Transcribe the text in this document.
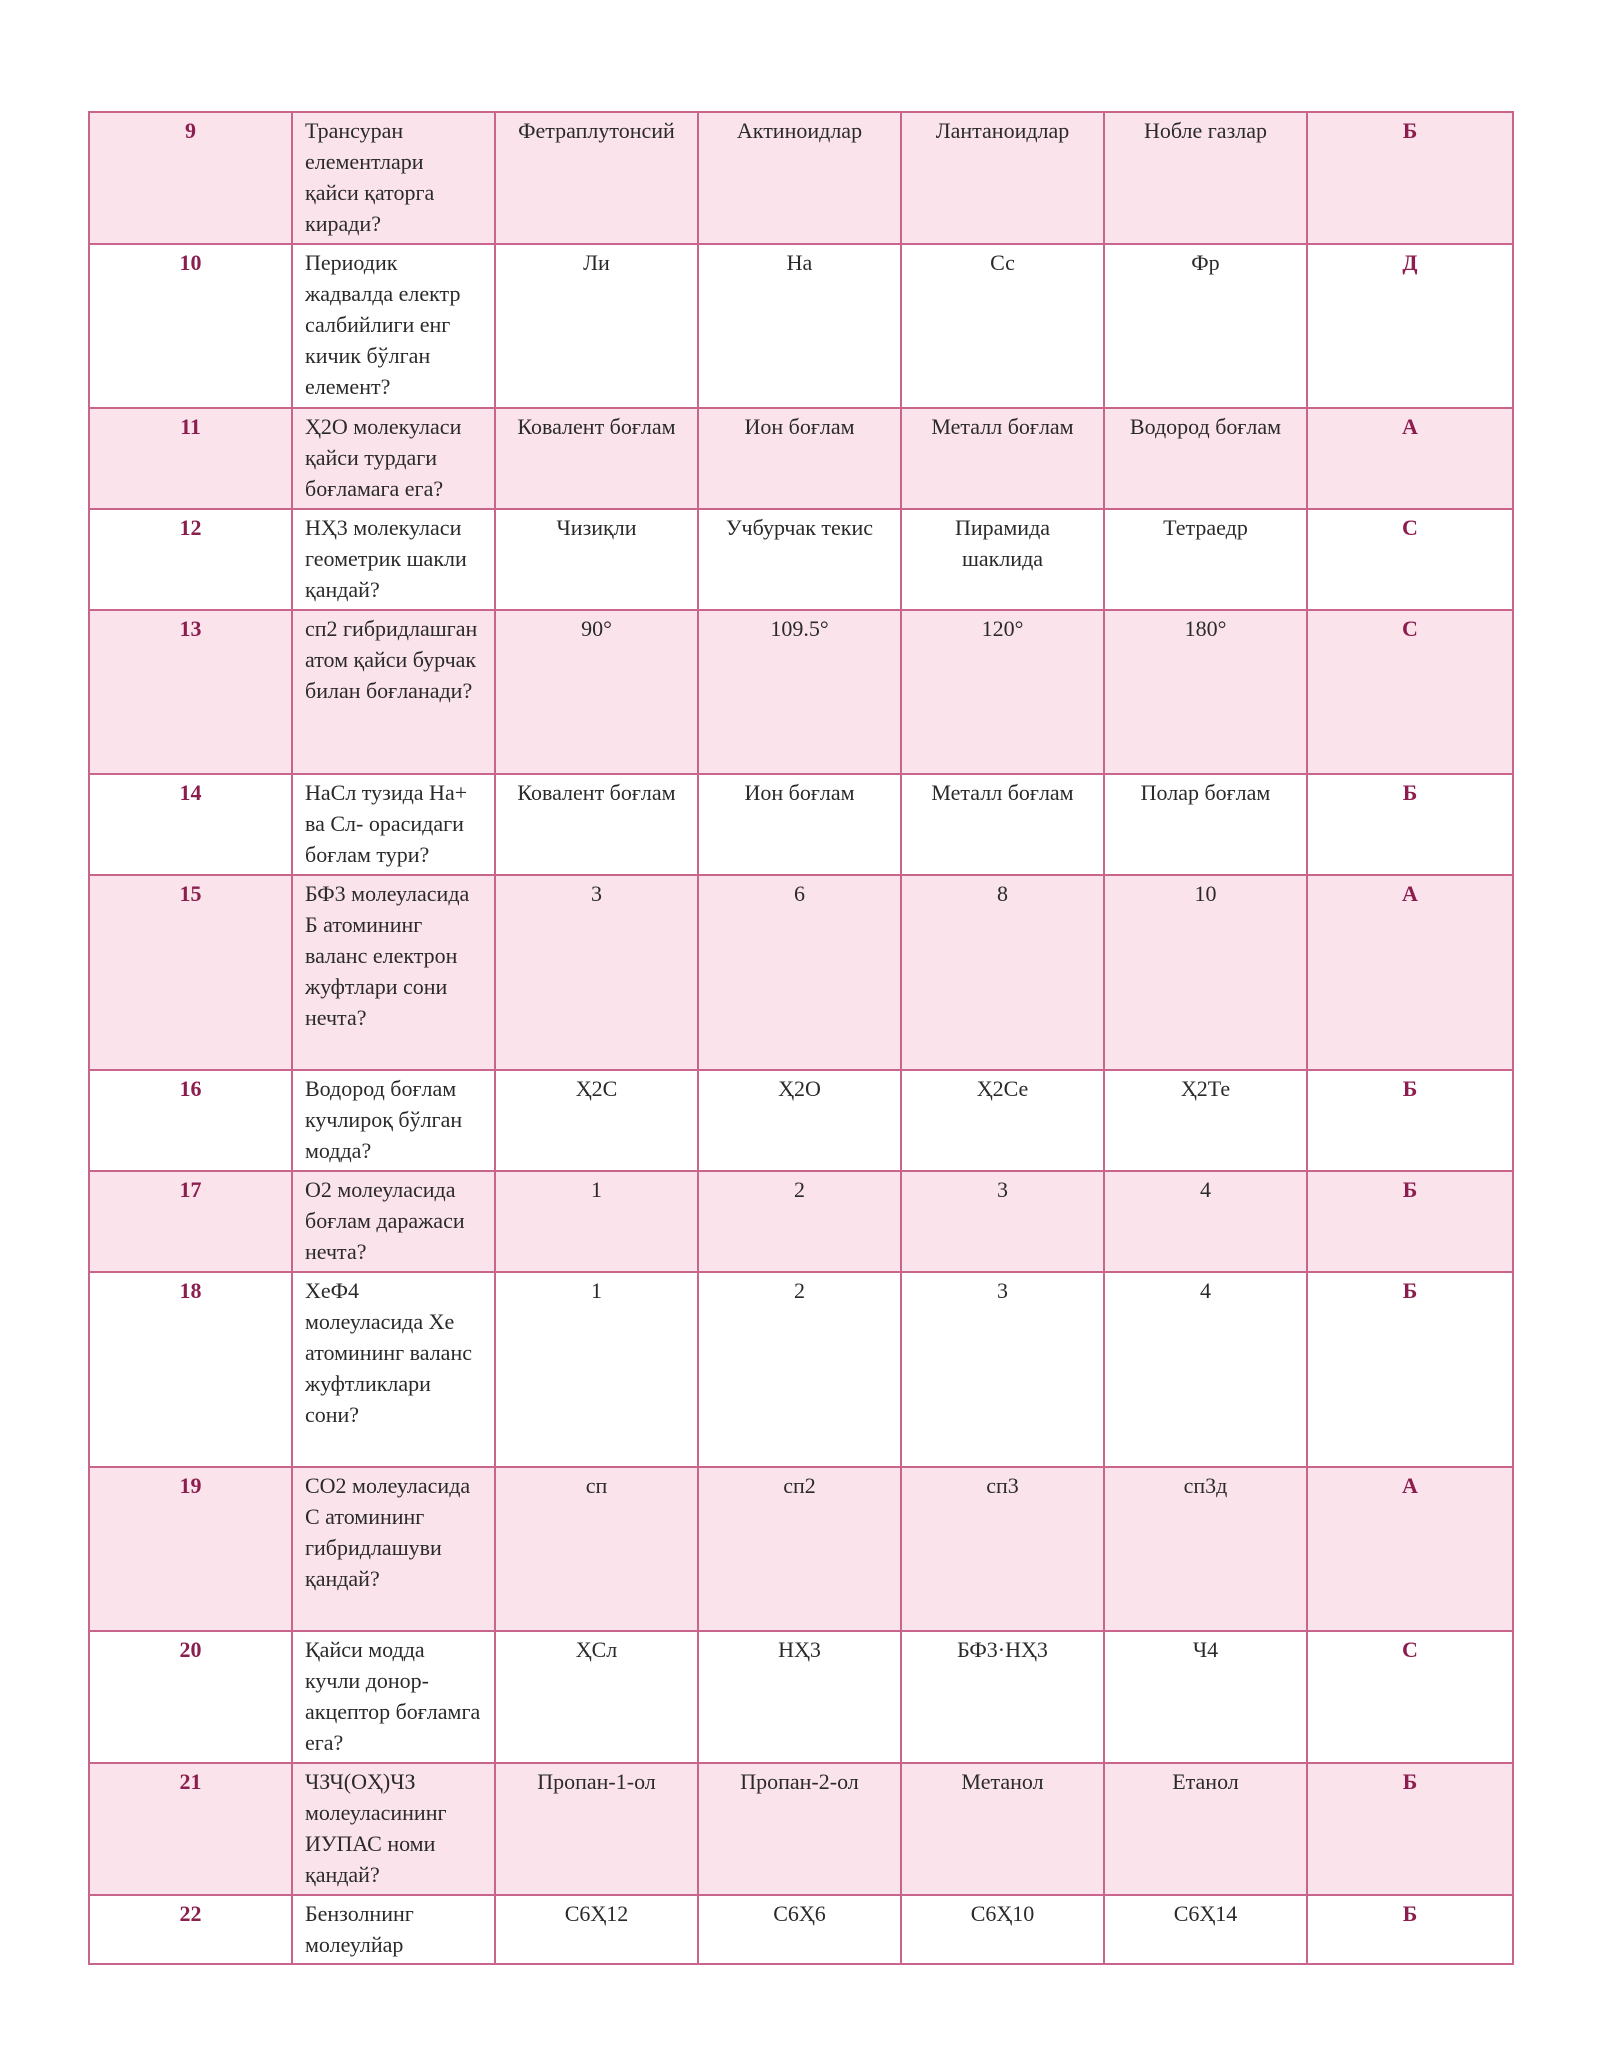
9	Трансуран елементлари қайси қаторга киради?	Фетраплутонсий	Актиноидлар	Лантаноидлар	Нобле газлар	Б
10	Периодик жадвалда електр салбийлиги енг кичик бўлган елемент?	Ли	На	Сс	Фр	Д
11	Ҳ2О молекуласи қайси турдаги боғламага ега?	Ковалент боғлам	Ион боғлам	Металл боғлам	Водород боғлам	А
12	НҲ3 молекуласи геометрик шакли қандай?	Чизиқли	Учбурчак текис	Пирамида шаклида	Тетраедр	С
13	сп2 гибридлашган атом қайси бурчак билан боғланади?	90°	109.5°	120°	180°	С
14	НаСл тузида На+ ва Сл- орасидаги боғлам тури?	Ковалент боғлам	Ион боғлам	Металл боғлам	Полар боғлам	Б
15	БФ3 молеуласида Б атомининг валанс електрон жуфтлари сони нечта?	3	6	8	10	А
16	Водород боғлам кучлироқ бўлган модда?	Ҳ2С	Ҳ2О	Ҳ2Се	Ҳ2Те	Б
17	О2 молеуласида боғлам даражаси нечта?	1	2	3	4	Б
18	ХеФ4 молеуласида Хе атомининг валанс жуфтликлари сони?	1	2	3	4	Б
19	СО2 молеуласида С атомининг гибридлашуви қандай?	сп	сп2	сп3	сп3д	А
20	Қайси модда кучли донор-акцептор боғламга ега?	ҲСл	НҲ3	БФ3·НҲ3	Ч4	С
21	ЧЗЧ(ОҲ)ЧЗ молеуласининг ИУПАС номи қандай?	Пропан-1-ол	Пропан-2-ол	Метанол	Етанол	Б
22	Бензолнинг молеулйар	С6Ҳ12	С6Ҳ6	С6Ҳ10	С6Ҳ14	Б
